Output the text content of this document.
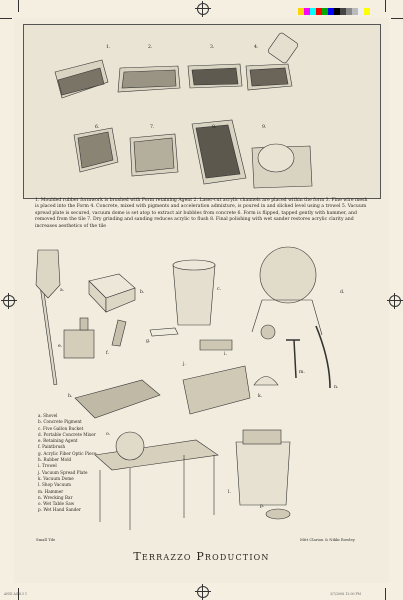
1.	2.	3.	4.
6.	7.	8.	9.
1. Moulded rubber formwork is brushed with Form retaining Agent 2. Laser-cut acrylic channels are placed within the form 3. Fine wire mesh is placed into the Form 4. Concrete, mixed with pigments and acceleration admixture, is poured in and slicked level using a trowel 5. Vacuum spread plate is secured, vacuum dome is set atop to extract air bubbles from concrete 6. Form is flipped, tapped gently with hammer, and removed from the tile 7. Dry grinding and sanding reduces acrylic to flush 8. Final polishing with wet sander restores acrylic clarity and increases aesthetics of the tile
a.	b.
c.
d.
e.
f.
g.
h.
i.
j.
k.
l.
m.
n.
o.
p.
a. Shovel
b. Concrete Pigment
c. Five Gallon Bucket
d. Portable Concrete Mixer
e. Retaining Agent
f. Paintbrush
g. Acrylic Fiber Optic Piece
h. Rubber Mold
i. Trowel
j. Vacuum Spread Plate
k. Vacuum Dome
l. Shop Vacuum
m. Hammer
n. Wrecking Bar
o. Wet Table Saw
p. Wet Hand Sander
Small Tile	Mitt Clarion & Nikki Rowley
Terrazzo Production
ANSI A4-8.5 1	3/7/2006 12:00 PM
